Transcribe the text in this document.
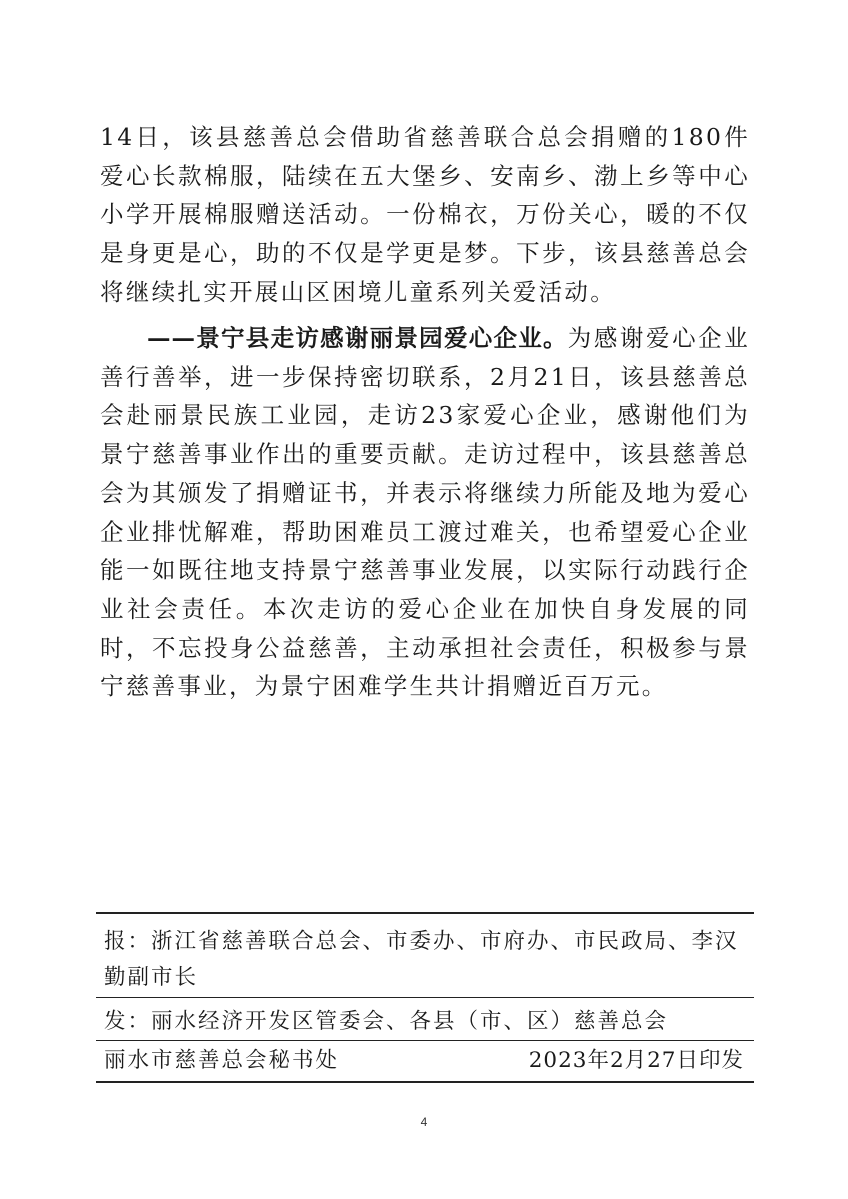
14日，该县慈善总会借助省慈善联合总会捐赠的180件爱心长款棉服，陆续在五大堡乡、安南乡、渤上乡等中心小学开展棉服赠送活动。一份棉衣，万份关心，暖的不仅是身更是心，助的不仅是学更是梦。下步，该县慈善总会将继续扎实开展山区困境儿童系列关爱活动。
——景宁县走访感谢丽景园爱心企业。为感谢爱心企业善行善举，进一步保持密切联系，2月21日，该县慈善总会赴丽景民族工业园，走访23家爱心企业，感谢他们为景宁慈善事业作出的重要贡献。走访过程中，该县慈善总会为其颁发了捐赠证书，并表示将继续力所能及地为爱心企业排忧解难，帮助困难员工渡过难关，也希望爱心企业能一如既往地支持景宁慈善事业发展，以实际行动践行企业社会责任。本次走访的爱心企业在加快自身发展的同时，不忘投身公益慈善，主动承担社会责任，积极参与景宁慈善事业，为景宁困难学生共计捐赠近百万元。
报：浙江省慈善联合总会、市委办、市府办、市民政局、李汉勤副市长
发：丽水经济开发区管委会、各县（市、区）慈善总会
丽水市慈善总会秘书处	2023年2月27日印发
4
